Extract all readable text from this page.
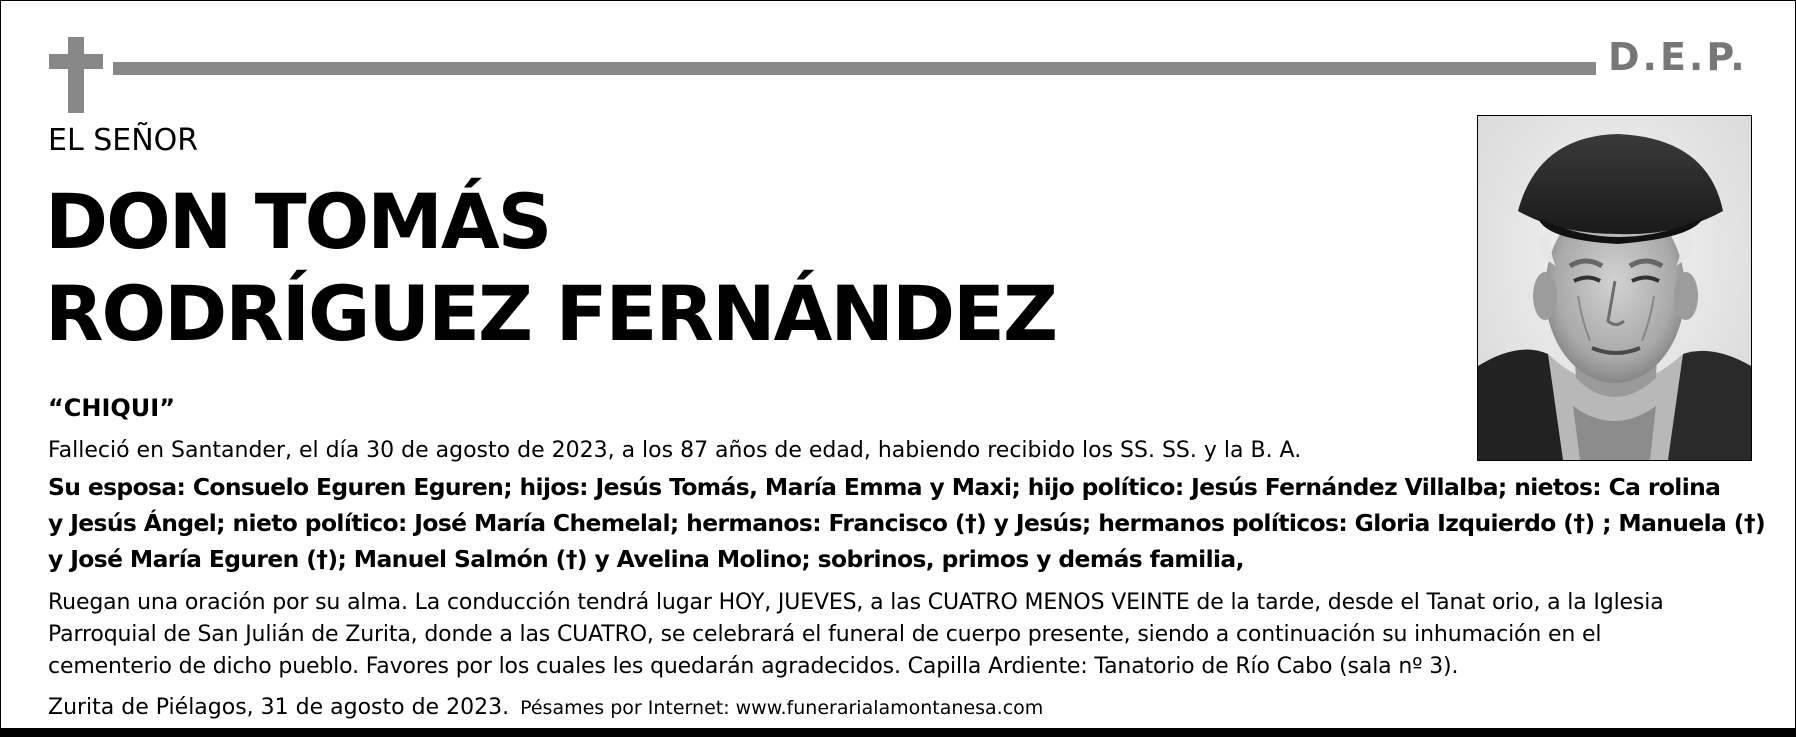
D.E.P.
EL SEÑOR
DON TOMÁS
RODRÍGUEZ FERNÁNDEZ
“CHIQUI”
Falleció en Santander, el día 30 de agosto de 2023, a los 87 años de edad, habiendo recibido los SS. SS. y la B. A.
Su esposa: Consuelo Eguren Eguren; hijos: Jesús Tomás, María Emma y Maxi; hijo político: Jesús Fernández Villalba; nietos: Ca rolina
y Jesús Ángel; nieto político: José María Chemelal; hermanos: Francisco (†) y Jesús; hermanos políticos: Gloria Izquierdo (†) ; Manuela (†)
y José María Eguren (†); Manuel Salmón (†) y Avelina Molino; sobrinos, primos y demás familia,
Ruegan una oración por su alma. La conducción tendrá lugar HOY, JUEVES, a las CUATRO MENOS VEINTE de la tarde, desde el Tanat orio, a la Iglesia
Parroquial de San Julián de Zurita, donde a las CUATRO, se celebrará el funeral de cuerpo presente, siendo a continuación su inhumación en el
cementerio de dicho pueblo. Favores por los cuales les quedarán agradecidos. Capilla Ardiente: Tanatorio de Río Cabo (sala nº 3).
Zurita de Piélagos, 31 de agosto de 2023. Pésames por Internet: www.funerarialamontanesa.com
